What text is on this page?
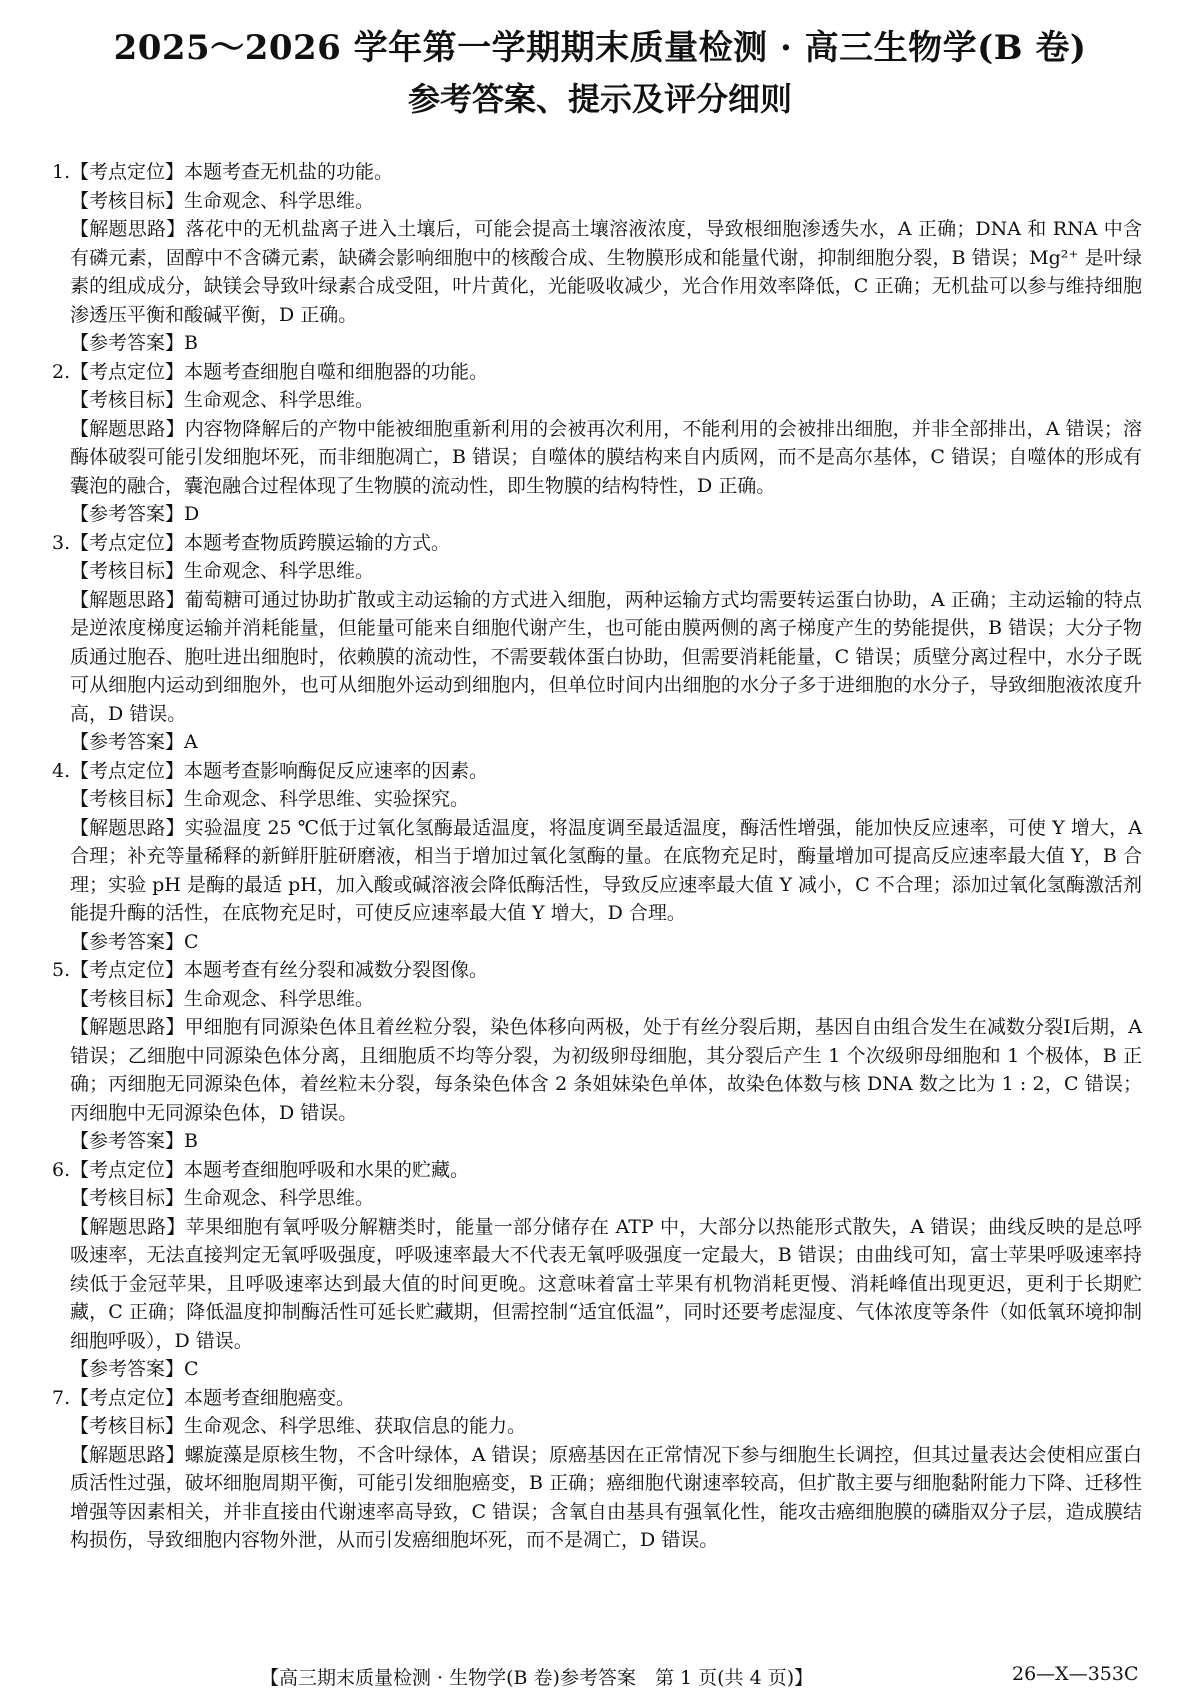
2025～2026 学年第一学期期末质量检测 · 高三生物学(B 卷)
参考答案、提示及评分细则
1. 【考点定位】本题考查无机盐的功能。
【考核目标】生命观念、科学思维。
【解题思路】落花中的无机盐离子进入土壤后，可能会提高土壤溶液浓度，导致根细胞渗透失水，A 正确；DNA 和 RNA 中含有磷元素，固醇中不含磷元素，缺磷会影响细胞中的核酸合成、生物膜形成和能量代谢，抑制细胞分裂，B 错误；Mg²⁺ 是叶绿素的组成成分，缺镁会导致叶绿素合成受阻，叶片黄化，光能吸收减少，光合作用效率降低，C 正确；无机盐可以参与维持细胞渗透压平衡和酸碱平衡，D 正确。
【参考答案】B
2. 【考点定位】本题考查细胞自噬和细胞器的功能。
【考核目标】生命观念、科学思维。
【解题思路】内容物降解后的产物中能被细胞重新利用的会被再次利用，不能利用的会被排出细胞，并非全部排出，A 错误；溶酶体破裂可能引发细胞坏死，而非细胞凋亡，B 错误；自噬体的膜结构来自内质网，而不是高尔基体，C 错误；自噬体的形成有囊泡的融合，囊泡融合过程体现了生物膜的流动性，即生物膜的结构特性，D 正确。
【参考答案】D
3. 【考点定位】本题考查物质跨膜运输的方式。
【考核目标】生命观念、科学思维。
【解题思路】葡萄糖可通过协助扩散或主动运输的方式进入细胞，两种运输方式均需要转运蛋白协助，A 正确；主动运输的特点是逆浓度梯度运输并消耗能量，但能量可能来自细胞代谢产生，也可能由膜两侧的离子梯度产生的势能提供，B 错误；大分子物质通过胞吞、胞吐进出细胞时，依赖膜的流动性，不需要载体蛋白协助，但需要消耗能量，C 错误；质壁分离过程中，水分子既可从细胞内运动到细胞外，也可从细胞外运动到细胞内，但单位时间内出细胞的水分子多于进细胞的水分子，导致细胞液浓度升高，D 错误。
【参考答案】A
4. 【考点定位】本题考查影响酶促反应速率的因素。
【考核目标】生命观念、科学思维、实验探究。
【解题思路】实验温度 25 ℃低于过氧化氢酶最适温度，将温度调至最适温度，酶活性增强，能加快反应速率，可使 Y 增大，A 合理；补充等量稀释的新鲜肝脏研磨液，相当于增加过氧化氢酶的量。在底物充足时，酶量增加可提高反应速率最大值 Y，B 合理；实验 pH 是酶的最适 pH，加入酸或碱溶液会降低酶活性，导致反应速率最大值 Y 减小，C 不合理；添加过氧化氢酶激活剂能提升酶的活性，在底物充足时，可使反应速率最大值 Y 增大，D 合理。
【参考答案】C
5. 【考点定位】本题考查有丝分裂和减数分裂图像。
【考核目标】生命观念、科学思维。
【解题思路】甲细胞有同源染色体且着丝粒分裂，染色体移向两极，处于有丝分裂后期，基因自由组合发生在减数分裂Ⅰ后期，A 错误；乙细胞中同源染色体分离，且细胞质不均等分裂，为初级卵母细胞，其分裂后产生 1 个次级卵母细胞和 1 个极体，B 正确；丙细胞无同源染色体，着丝粒未分裂，每条染色体含 2 条姐妹染色单体，故染色体数与核 DNA 数之比为 1 : 2，C 错误；丙细胞中无同源染色体，D 错误。
【参考答案】B
6. 【考点定位】本题考查细胞呼吸和水果的贮藏。
【考核目标】生命观念、科学思维。
【解题思路】苹果细胞有氧呼吸分解糖类时，能量一部分储存在 ATP 中，大部分以热能形式散失，A 错误；曲线反映的是总呼吸速率，无法直接判定无氧呼吸强度，呼吸速率最大不代表无氧呼吸强度一定最大，B 错误；由曲线可知，富士苹果呼吸速率持续低于金冠苹果，且呼吸速率达到最大值的时间更晚。这意味着富士苹果有机物消耗更慢、消耗峰值出现更迟，更利于长期贮藏，C 正确；降低温度抑制酶活性可延长贮藏期，但需控制“适宜低温”，同时还要考虑湿度、气体浓度等条件（如低氧环境抑制细胞呼吸），D 错误。
【参考答案】C
7. 【考点定位】本题考查细胞癌变。
【考核目标】生命观念、科学思维、获取信息的能力。
【解题思路】螺旋藻是原核生物，不含叶绿体，A 错误；原癌基因在正常情况下参与细胞生长调控，但其过量表达会使相应蛋白质活性过强，破坏细胞周期平衡，可能引发细胞癌变，B 正确；癌细胞代谢速率较高，但扩散主要与细胞黏附能力下降、迁移性增强等因素相关，并非直接由代谢速率高导致，C 错误；含氧自由基具有强氧化性，能攻击癌细胞膜的磷脂双分子层，造成膜结构损伤，导致细胞内容物外泄，从而引发癌细胞坏死，而不是凋亡，D 错误。
【高三期末质量检测 · 生物学(B 卷)参考答案　第 1 页(共 4 页)】	26—X—353C
